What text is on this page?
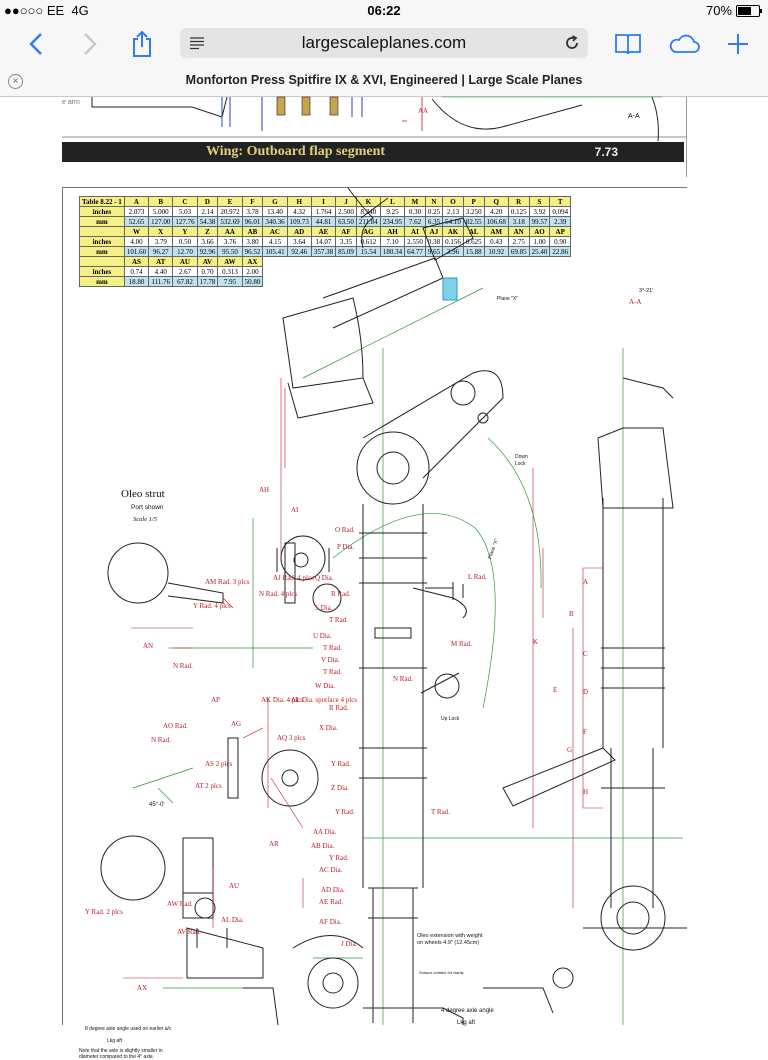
●●○○○ EE 4G	06:22	70%
largescaleplanes.com
×	Monforton Press Spitfire IX & XVI, Engineered | Large Scale Planes
e arm
AA
A-A
Wing: Outboard flap segment	7.73
Table 8.22 - 1	A	B	C	D	E	F	G	H	I	J	K	L	M	N	O	P	Q	R	S	T
inches	2.073	5.000	5.03	2.14	20.972	3.78	13.40	4.32	1.764	2.500	8.340	9.25	0.30	0.25	2.13	3.250	4.20	0.125	3.92	0.094
mm	52.65	127.00	127.76	54.38	532.69	96.01	340.36	109.73	44.81	63.50	211.84	234.95	7.62	6.35	54.10	82.55	106.68	3.18	99.57	2.39
	W	X	Y	Z	AA	AB	AC	AD	AE	AF	AG	AH	AI	AJ	AK	AL	AM	AN	AO	AP
inches	4.00	3.79	0.50	3.66	3.76	3.80	4.15	3.64	14.07	3.35	0.612	7.10	2.550	0.38	0.156	0.625	0.43	2.75	1.00	0.90
mm	101.60	96.27	12.70	92.96	95.50	96.52	105.41	92.46	357.38	85.09	15.54	180.34	64.77	9.65	3.96	15.88	10.92	69.85	25.40	22.86
	AS	AT	AU	AV	AW	AX														
inches	0.74	4.40	2.67	0.70	0.313	2.00														
mm	18.80	111.76	67.82	17.78	7.95	50.80														
Oleo strut
Port shown
Scale 1/5
Plane "X"
Plane "X"
Down Lock
Up Lock
3°-21'
45°-0'
Oleo extension with weight on wheels 4.9" (12.45cm)
Scissor omitted for clarity
4 degree axle angle
Lkg aft
8 degree axle angle used on earlier a/c
Lkg aft
Note that the axle is slightly smaller in diameter compared to the 4° axle.
AH
AI
O Rad.
P Dia.
Q Dia.
R Rad.
S Dia.
T Rad.
U Dia.
T Rad.
V Dia.
T Rad.
W Dia.
R Rad.
X Dia.
Y Rad.
Z Dia.
Y Rad.
AA Dia.
AB Dia.
Y Rad.
AC Dia.
AD Dia.
AE Rad.
AF Dia.
J Dia.
L Rad.
M Rad.
N Rad.
T Rad.
K
E
G
A
B
C
D
F
H
AM Rad. 3 plcs	AJ Rad. 4 plcs
N Rad. 4 plcs
Y Rad. 4 plcs
AN
N Rad.
AO Rad.
N Rad.
AP	AK Dia. 4 plcs
AL Dia. spotface 4 plcs
AG
AQ 3 plcs
AS 2 plcs
AT 2 plcs
AR
AU
Y Rad. 2 plcs
AW Rad.
AV Rad.
AL Dia.
AX
A-A
